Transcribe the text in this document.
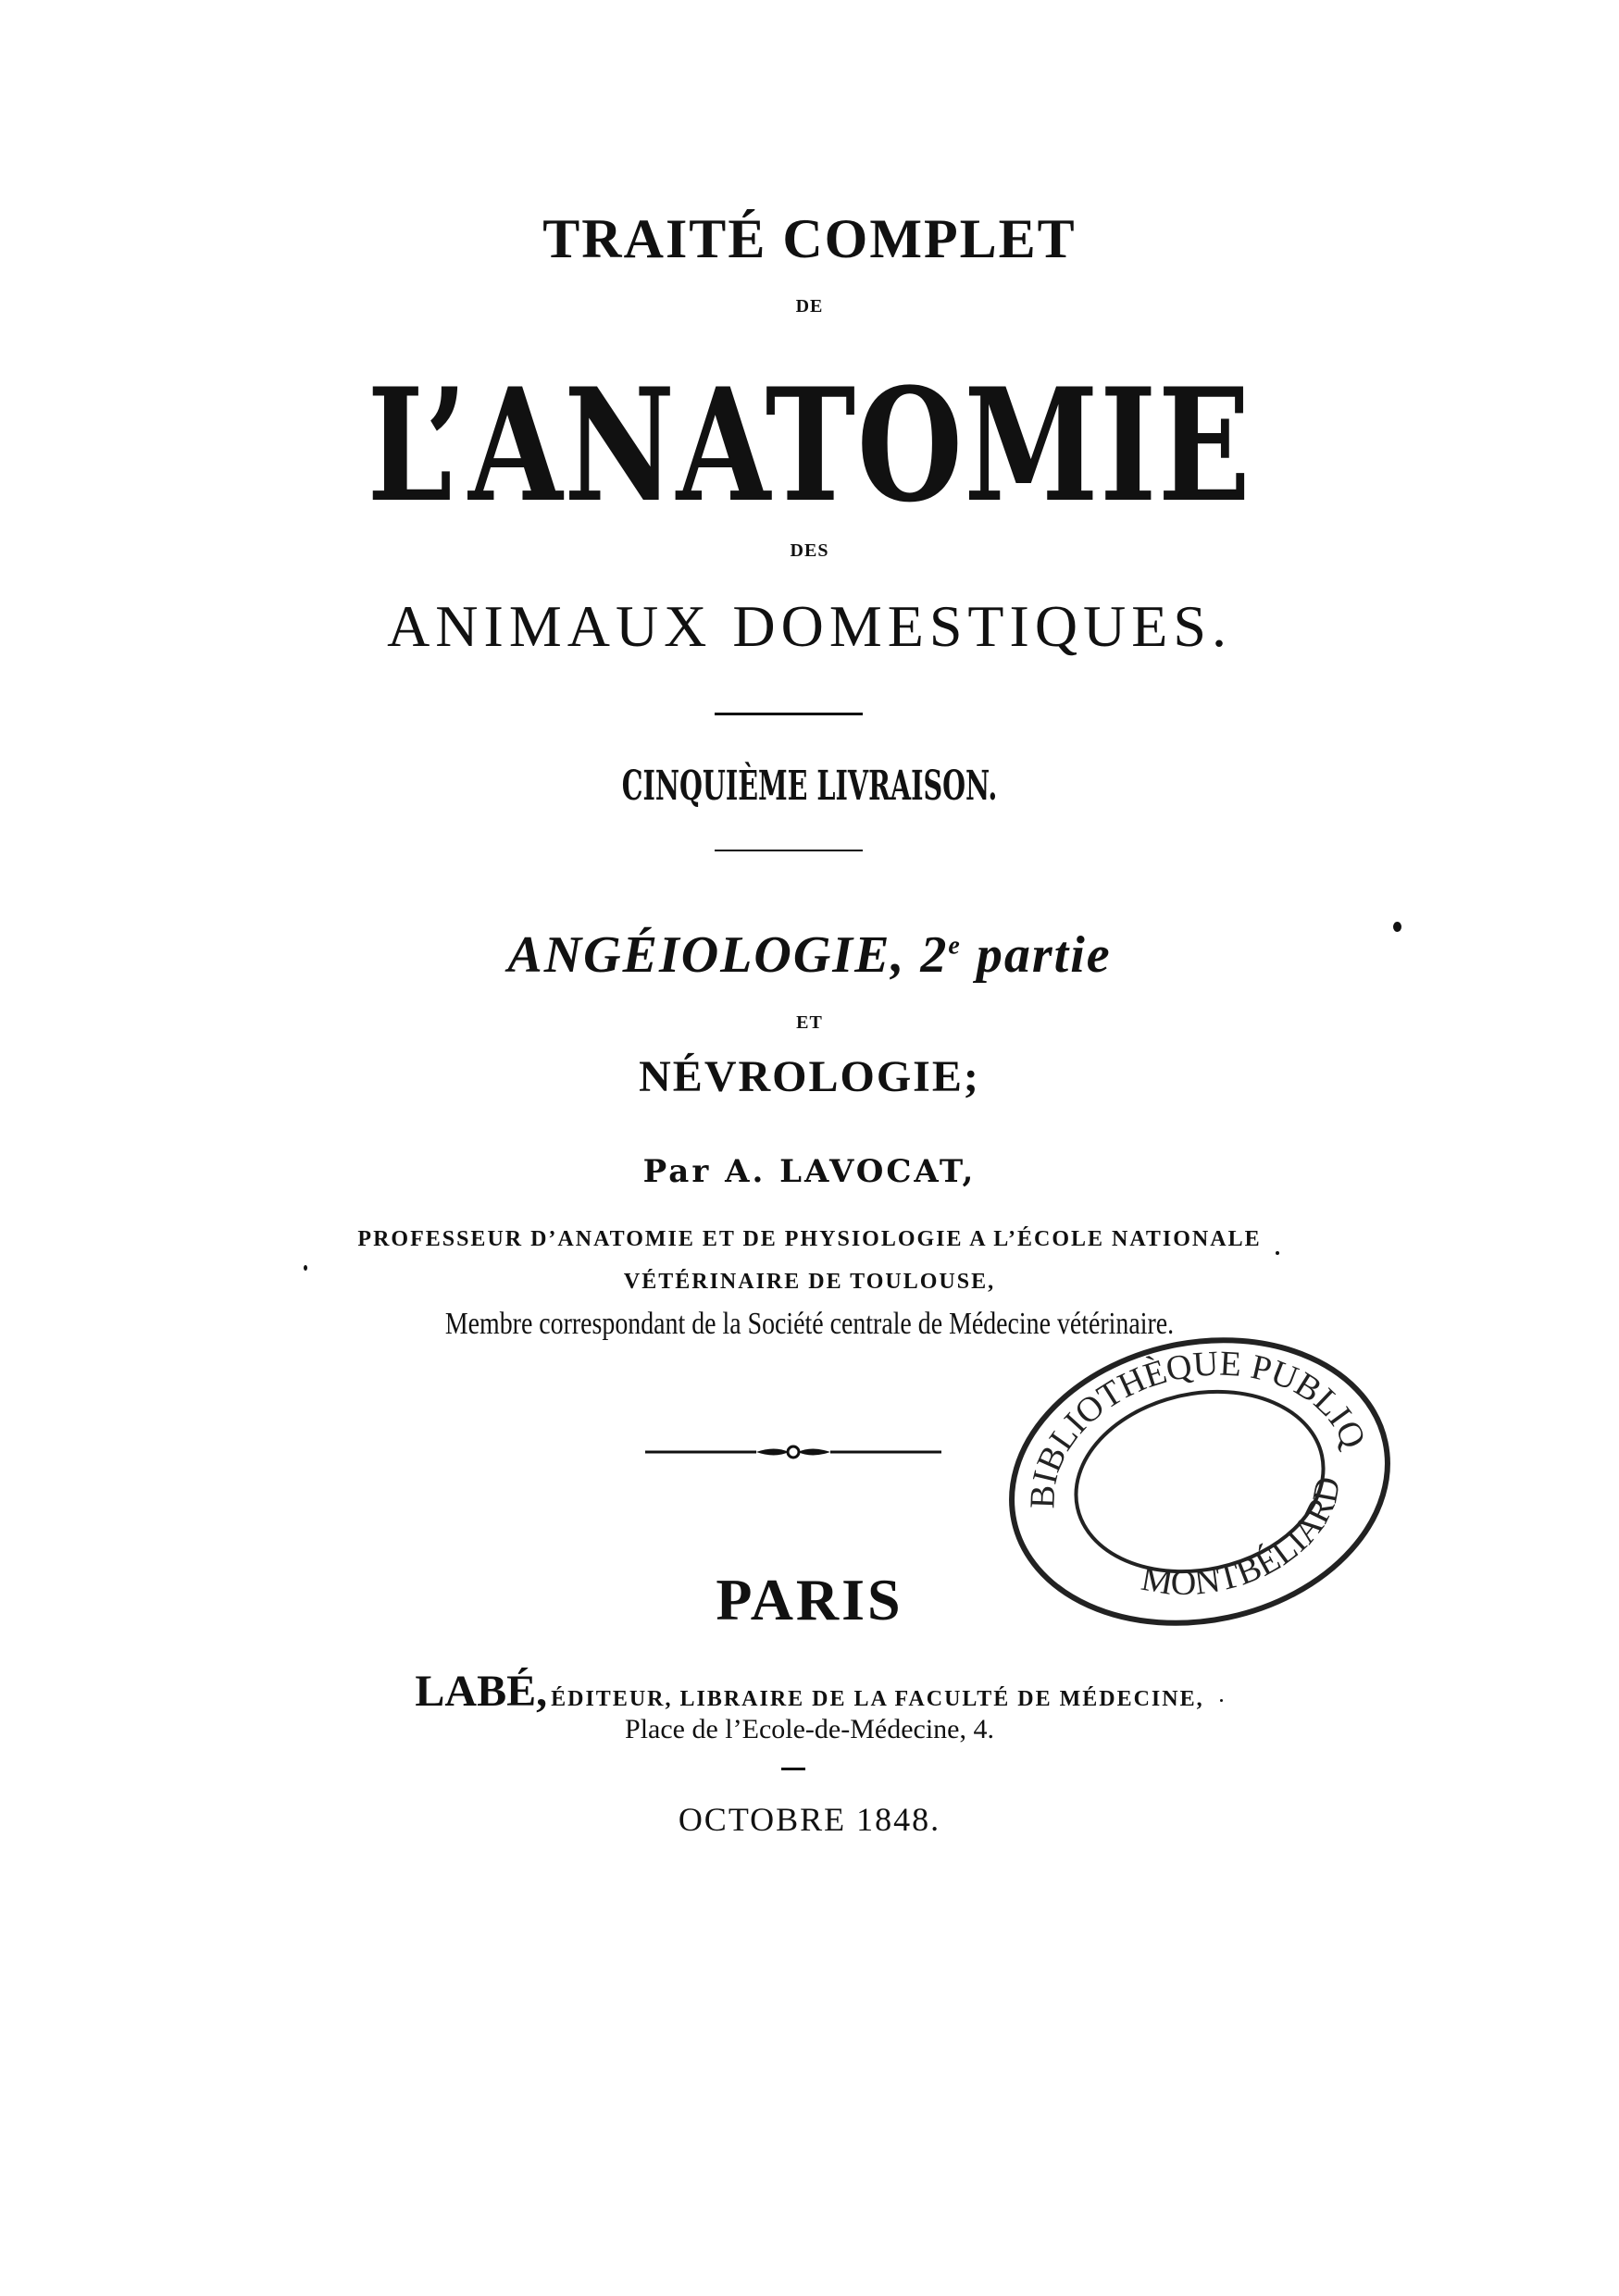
TRAITÉ COMPLET

DE

L’ANATOMIE

DES

ANIMAUX DOMESTIQUES.

CINQUIÈME LIVRAISON.

ANGÉIOLOGIE, 2e partie

ET

NÉVROLOGIE;

Par A. LAVOCAT,

PROFESSEUR D’ANATOMIE ET DE PHYSIOLOGIE A L’ÉCOLE NATIONALE

VÉTÉRINAIRE DE TOULOUSE,

Membre correspondant de la Société centrale de Médecine vétérinaire.

PARIS

LABÉ, ÉDITEUR, LIBRAIRE DE LA FACULTÉ DE MÉDECINE,

Place de l’Ecole-de-Médecine, 4.

OCTOBRE 1848.

BIBLIOTHÈQUE PUBLIQUE
MONTBÉLIARD
